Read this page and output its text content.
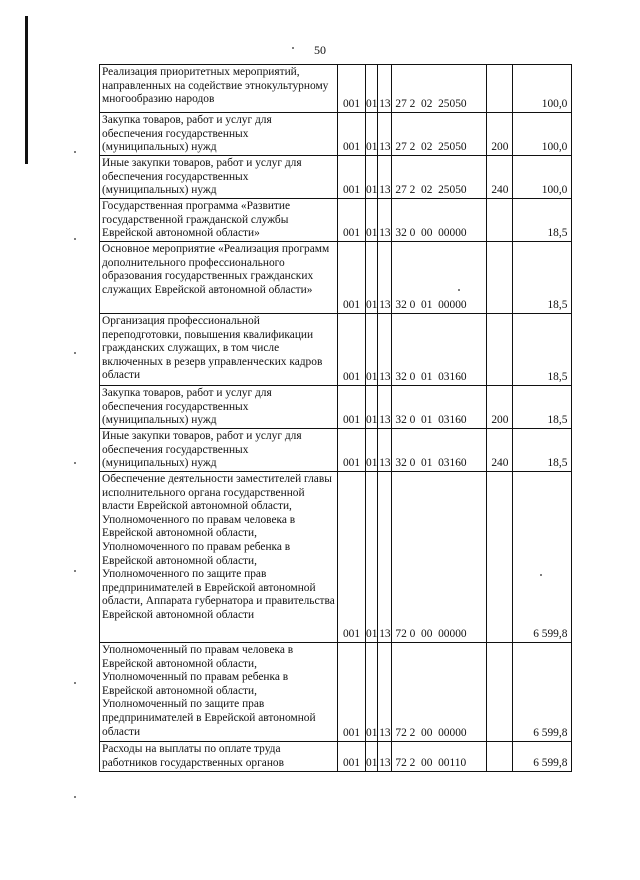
50
Реализация приоритетных мероприятий, направленных на содействие этнокультурному многообразию народов	001	01	13	27 2  02  25050		100,0

Закупка товаров, работ и услуг для обеспечения государственных (муниципальных) нужд	001	01	13	27 2  02  25050	200	100,0

Иные закупки товаров, работ и услуг для обеспечения государственных (муниципальных) нужд	001	01	13	27 2  02  25050	240	100,0

Государственная программа «Развитие государственной гражданской службы Еврейской автономной области»	001	01	13	32 0  00  00000		18,5

Основное мероприятие «Реализация программ дополнительного профессионального образования государственных гражданских служащих Еврейской автономной области»	001	01	13	32 0  01  00000		18,5

Организация профессиональной переподготовки, повышения квалификации гражданских служащих, в том числе включенных в резерв управленческих кадров области	001	01	13	32 0  01  03160		18,5

Закупка товаров, работ и услуг для обеспечения государственных (муниципальных) нужд	001	01	13	32 0  01  03160	200	18,5

Иные закупки товаров, работ и услуг для обеспечения государственных (муниципальных) нужд	001	01	13	32 0  01  03160	240	18,5

Обеспечение деятельности заместителей главы исполнительного органа государственной власти Еврейской автономной области, Уполномоченного по правам человека в Еврейской автономной области, Уполномоченного по правам ребенка в Еврейской автономной области, Уполномоченного по защите прав предпринимателей в Еврейской автономной области, Аппарата губернатора и правительства Еврейской автономной области	001	01	13	72 0  00  00000		6 599,8

Уполномоченный по правам человека в Еврейской автономной области, Уполномоченный по правам ребенка в Еврейской автономной области, Уполномоченный по защите прав предпринимателей в Еврейской автономной области	001	01	13	72 2  00  00000		6 599,8

Расходы на выплаты по оплате труда работников государственных органов	001	01	13	72 2  00  00110		6 599,8
